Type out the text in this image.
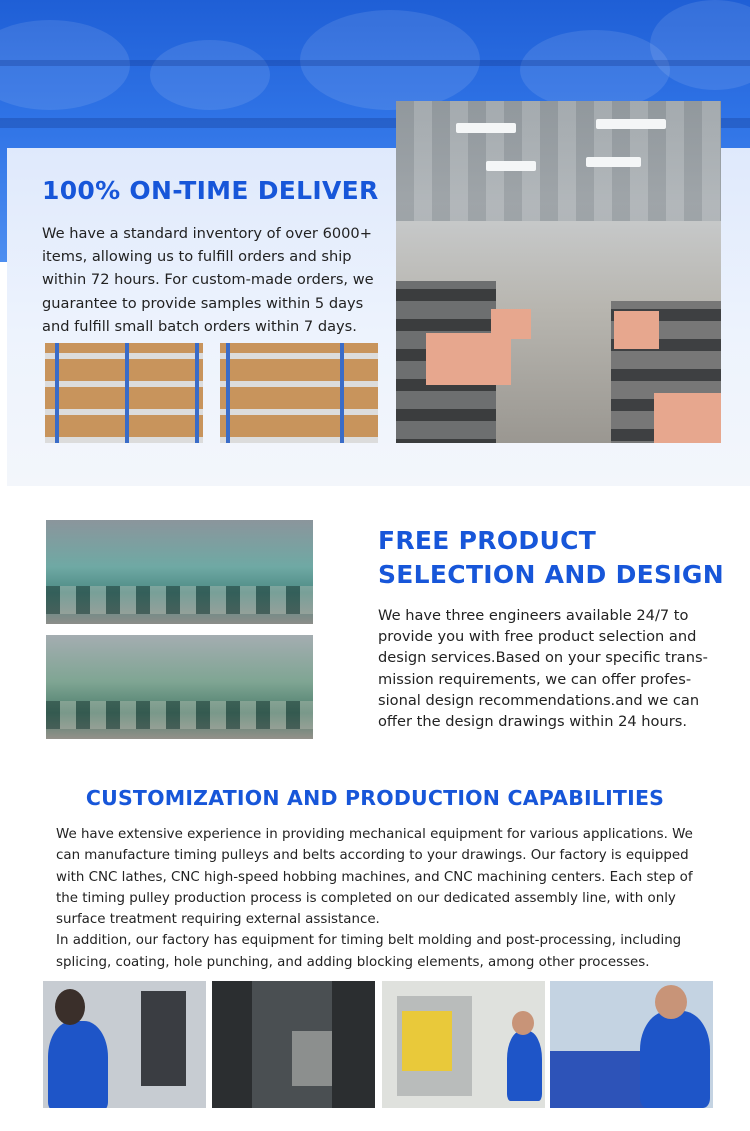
100% ON-TIME DELIVER

We have a standard inventory of over 6000+ items, allowing us to fulfill orders and ship within 72 hours. For custom-made orders, we guarantee to provide samples within 5 days and fulfill small batch orders within 7 days.

FREE PRODUCT
SELECTION AND DESIGN

We have three engineers available 24/7 to provide you with free product selection and design services.Based on your specific trans-mission requirements, we can offer profes-sional design recommendations.and we can offer the design drawings within 24 hours.

CUSTOMIZATION AND PRODUCTION CAPABILITIES

We have extensive experience in providing mechanical equipment for various applications. We can manufacture timing pulleys and belts according to your drawings. Our factory is equipped with CNC lathes, CNC high-speed hobbing machines, and CNC machining centers. Each step of the timing pulley production process is completed on our dedicated assembly line, with only surface treatment requiring external assistance.

In addition, our factory has equipment for timing belt molding and post-processing, including splicing, coating, hole punching, and adding blocking elements, among other processes.
